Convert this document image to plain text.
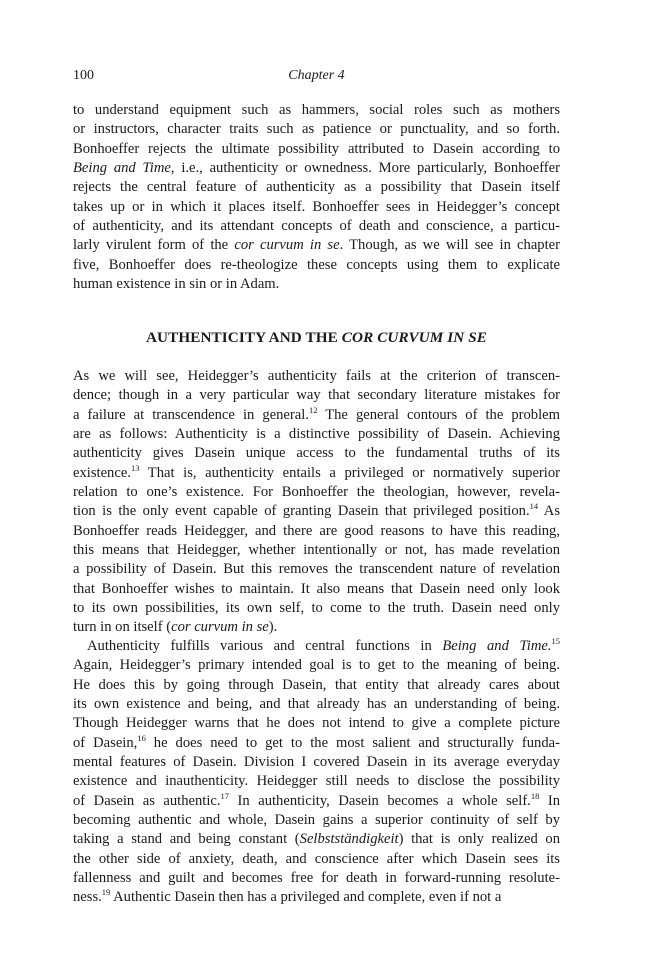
100	Chapter 4
to understand equipment such as hammers, social roles such as mothers
or instructors, character traits such as patience or punctuality, and so forth.
Bonhoeffer rejects the ultimate possibility attributed to Dasein according to
Being and Time, i.e., authenticity or ownedness. More particularly, Bonhoeffer
rejects the central feature of authenticity as a possibility that Dasein itself
takes up or in which it places itself. Bonhoeffer sees in Heidegger’s concept
of authenticity, and its attendant concepts of death and conscience, a particu-
larly virulent form of the cor curvum in se. Though, as we will see in chapter
five, Bonhoeffer does re-theologize these concepts using them to explicate
human existence in sin or in Adam.
AUTHENTICITY AND THE COR CURVUM IN SE
As we will see, Heidegger’s authenticity fails at the criterion of transcen-
dence; though in a very particular way that secondary literature mistakes for
a failure at transcendence in general.$^{12}$ The general contours of the problem
are as follows: Authenticity is a distinctive possibility of Dasein. Achieving
authenticity gives Dasein unique access to the fundamental truths of its
existence.$^{13}$ That is, authenticity entails a privileged or normatively superior
relation to one’s existence. For Bonhoeffer the theologian, however, revela-
tion is the only event capable of granting Dasein that privileged position.$^{14}$ As
Bonhoeffer reads Heidegger, and there are good reasons to have this reading,
this means that Heidegger, whether intentionally or not, has made revelation
a possibility of Dasein. But this removes the transcendent nature of revelation
that Bonhoeffer wishes to maintain. It also means that Dasein need only look
to its own possibilities, its own self, to come to the truth. Dasein need only
turn in on itself (cor curvum in se).
Authenticity fulfills various and central functions in Being and Time.$^{15}$
Again, Heidegger’s primary intended goal is to get to the meaning of being.
He does this by going through Dasein, that entity that already cares about
its own existence and being, and that already has an understanding of being.
Though Heidegger warns that he does not intend to give a complete picture
of Dasein,$^{16}$ he does need to get to the most salient and structurally funda-
mental features of Dasein. Division I covered Dasein in its average everyday
existence and inauthenticity. Heidegger still needs to disclose the possibility
of Dasein as authentic.$^{17}$ In authenticity, Dasein becomes a whole self.$^{18}$ In
becoming authentic and whole, Dasein gains a superior continuity of self by
taking a stand and being constant (Selbstständigkeit) that is only realized on
the other side of anxiety, death, and conscience after which Dasein sees its
fallenness and guilt and becomes free for death in forward-running resolute-
ness.$^{19}$ Authentic Dasein then has a privileged and complete, even if not a
